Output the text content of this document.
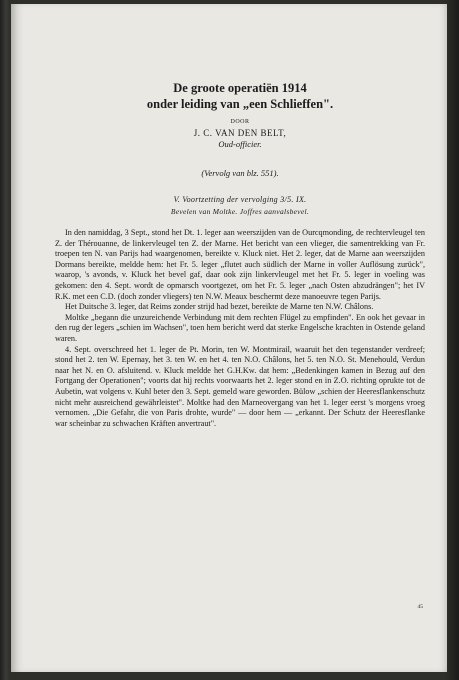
De groote operatiën 1914

onder leiding van „een Schlieffen".

DOOR
J. C. VAN DEN BELT,
Oud-officier.
(Vervolg van blz. 551).
V. Voortzetting der vervolging 3/5. IX.
Bevelen van Moltke. Joffres aanvalsbevel.

In den namiddag, 3 Sept., stond het Dt. 1. leger aan weerszijden van de Ourcqmonding, de rechtervleugel ten Z. der Thérouanne, de linkervleugel ten Z. der Marne. Het bericht van een vlieger, die samentrekking van Fr. troepen ten N. van Parijs had waargenomen, bereikte v. Kluck niet. Het 2. leger, dat de Marne aan weerszijden Dormans bereikte, meldde hem: het Fr. 5. leger „flutet auch südlich der Marne in voller Auflösung zurück", waarop, 's avonds, v. Kluck het bevel gaf, daar ook zijn linkervleugel met het Fr. 5. leger in voeling was gekomen: den 4. Sept. wordt de opmarsch voortgezet, om het Fr. 5. leger „nach Osten abzudrängen"; het IV R.K. met een C.D. (doch zonder vliegers) ten N.W. Meaux beschermt deze manoeuvre tegen Parijs.

Het Duitsche 3. leger, dat Reims zonder strijd had bezet, bereikte de Marne ten N.W. Châlons.

Moltke „begann die unzureichende Verbindung mit dem rechten Flügel zu empfinden". En ook het gevaar in den rug der legers „schien im Wachsen", toen hem bericht werd dat sterke Engelsche krachten in Ostende geland waren.

4. Sept. overschreed het 1. leger de Pt. Morin, ten W. Montmirail, waaruit het den tegenstander verdreef; stond het 2. ten W. Epernay, het 3. ten W. en het 4. ten N.O. Châlons, het 5. ten N.O. St. Menehould, Verdun naar het N. en O. afsluitend. v. Kluck meldde het G.H.Kw. dat hem: „Bedenkingen kamen in Bezug auf den Fortgang der Operationen"; voorts dat hij rechts voorwaarts het 2. leger stond en in Z.O. richting oprukte tot de Aubetin, wat volgens v. Kuhl beter den 3. Sept. gemeld ware geworden. Bülow „schien der Heeresflankenschutz nicht mehr ausreichend gewährleistet". Moltke had den Marneovergang van het 1. leger eerst 's morgens vroeg vernomen. „Die Gefahr, die von Paris drohte, wurde" — door hem — „erkannt. Der Schutz der Heeresflanke war scheinbar zu schwachen Kräften anvertraut".

45
